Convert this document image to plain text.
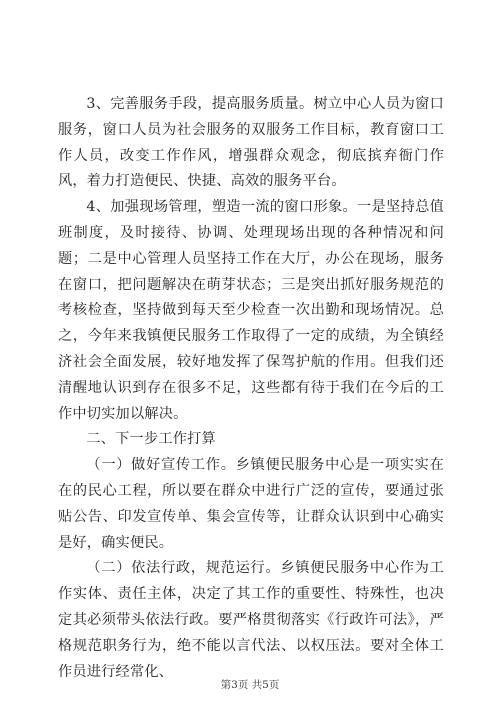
3、完善服务手段，提高服务质量。树立中心人员为窗口服务，窗口人员为社会服务的双服务工作目标，教育窗口工作人员，改变工作作风，增强群众观念，彻底摈弃衙门作风，着力打造便民、快捷、高效的服务平台。

4、加强现场管理，塑造一流的窗口形象。一是坚持总值班制度，及时接待、协调、处理现场出现的各种情况和问题；二是中心管理人员坚持工作在大厅，办公在现场，服务在窗口，把问题解决在萌芽状态；三是突出抓好服务规范的考核检查，坚持做到每天至少检查一次出勤和现场情况。总之，今年来我镇便民服务工作取得了一定的成绩，为全镇经济社会全面发展，较好地发挥了保驾护航的作用。但我们还清醒地认识到存在很多不足，这些都有待于我们在今后的工作中切实加以解决。

二、下一步工作打算

（一）做好宣传工作。乡镇便民服务中心是一项实实在在的民心工程，所以要在群众中进行广泛的宣传，要通过张贴公告、印发宣传单、集会宣传等，让群众认识到中心确实是好，确实便民。

（二）依法行政，规范运行。乡镇便民服务中心作为工作实体、责任主体，决定了其工作的重要性、特殊性，也决定其必须带头依法行政。要严格贯彻落实《行政许可法》，严格规范职务行为，绝不能以言代法、以权压法。要对全体工作员进行经常化、

第3页 共5页
